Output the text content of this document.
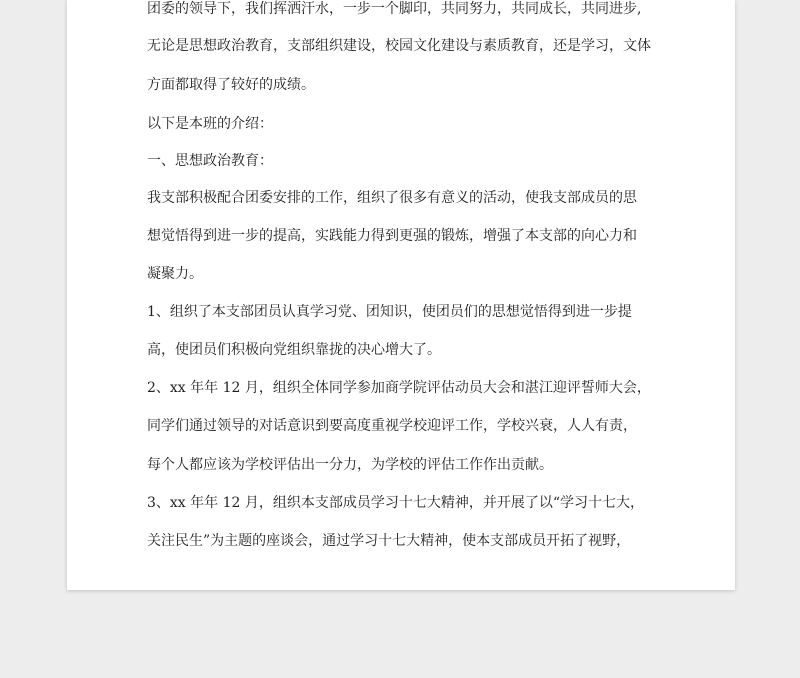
团委的领导下，我们挥洒汗水，一步一个脚印，共同努力，共同成长，共同进步,
无论是思想政治教育，支部组织建设，校园文化建设与素质教育，还是学习，文体
方面都取得了较好的成绩。
以下是本班的介绍：
一、思想政治教育：
我支部积极配合团委安排的工作，组织了很多有意义的活动，使我支部成员的思
想觉悟得到进一步的提高，实践能力得到更强的锻炼，增强了本支部的向心力和
凝聚力。
1、组织了本支部团员认真学习党、团知识，使团员们的思想觉悟得到进一步提
高，使团员们积极向党组织靠拢的决心增大了。
2、xx 年年 12 月，组织全体同学参加商学院评估动员大会和湛江迎评誓师大会，
同学们通过领导的对话意识到要高度重视学校迎评工作，学校兴衰，人人有责，
每个人都应该为学校评估出一分力，为学校的评估工作作出贡献。
3、xx 年年 12 月，组织本支部成员学习十七大精神，并开展了以“学习十七大，
关注民生”为主题的座谈会，通过学习十七大精神，使本支部成员开拓了视野，
